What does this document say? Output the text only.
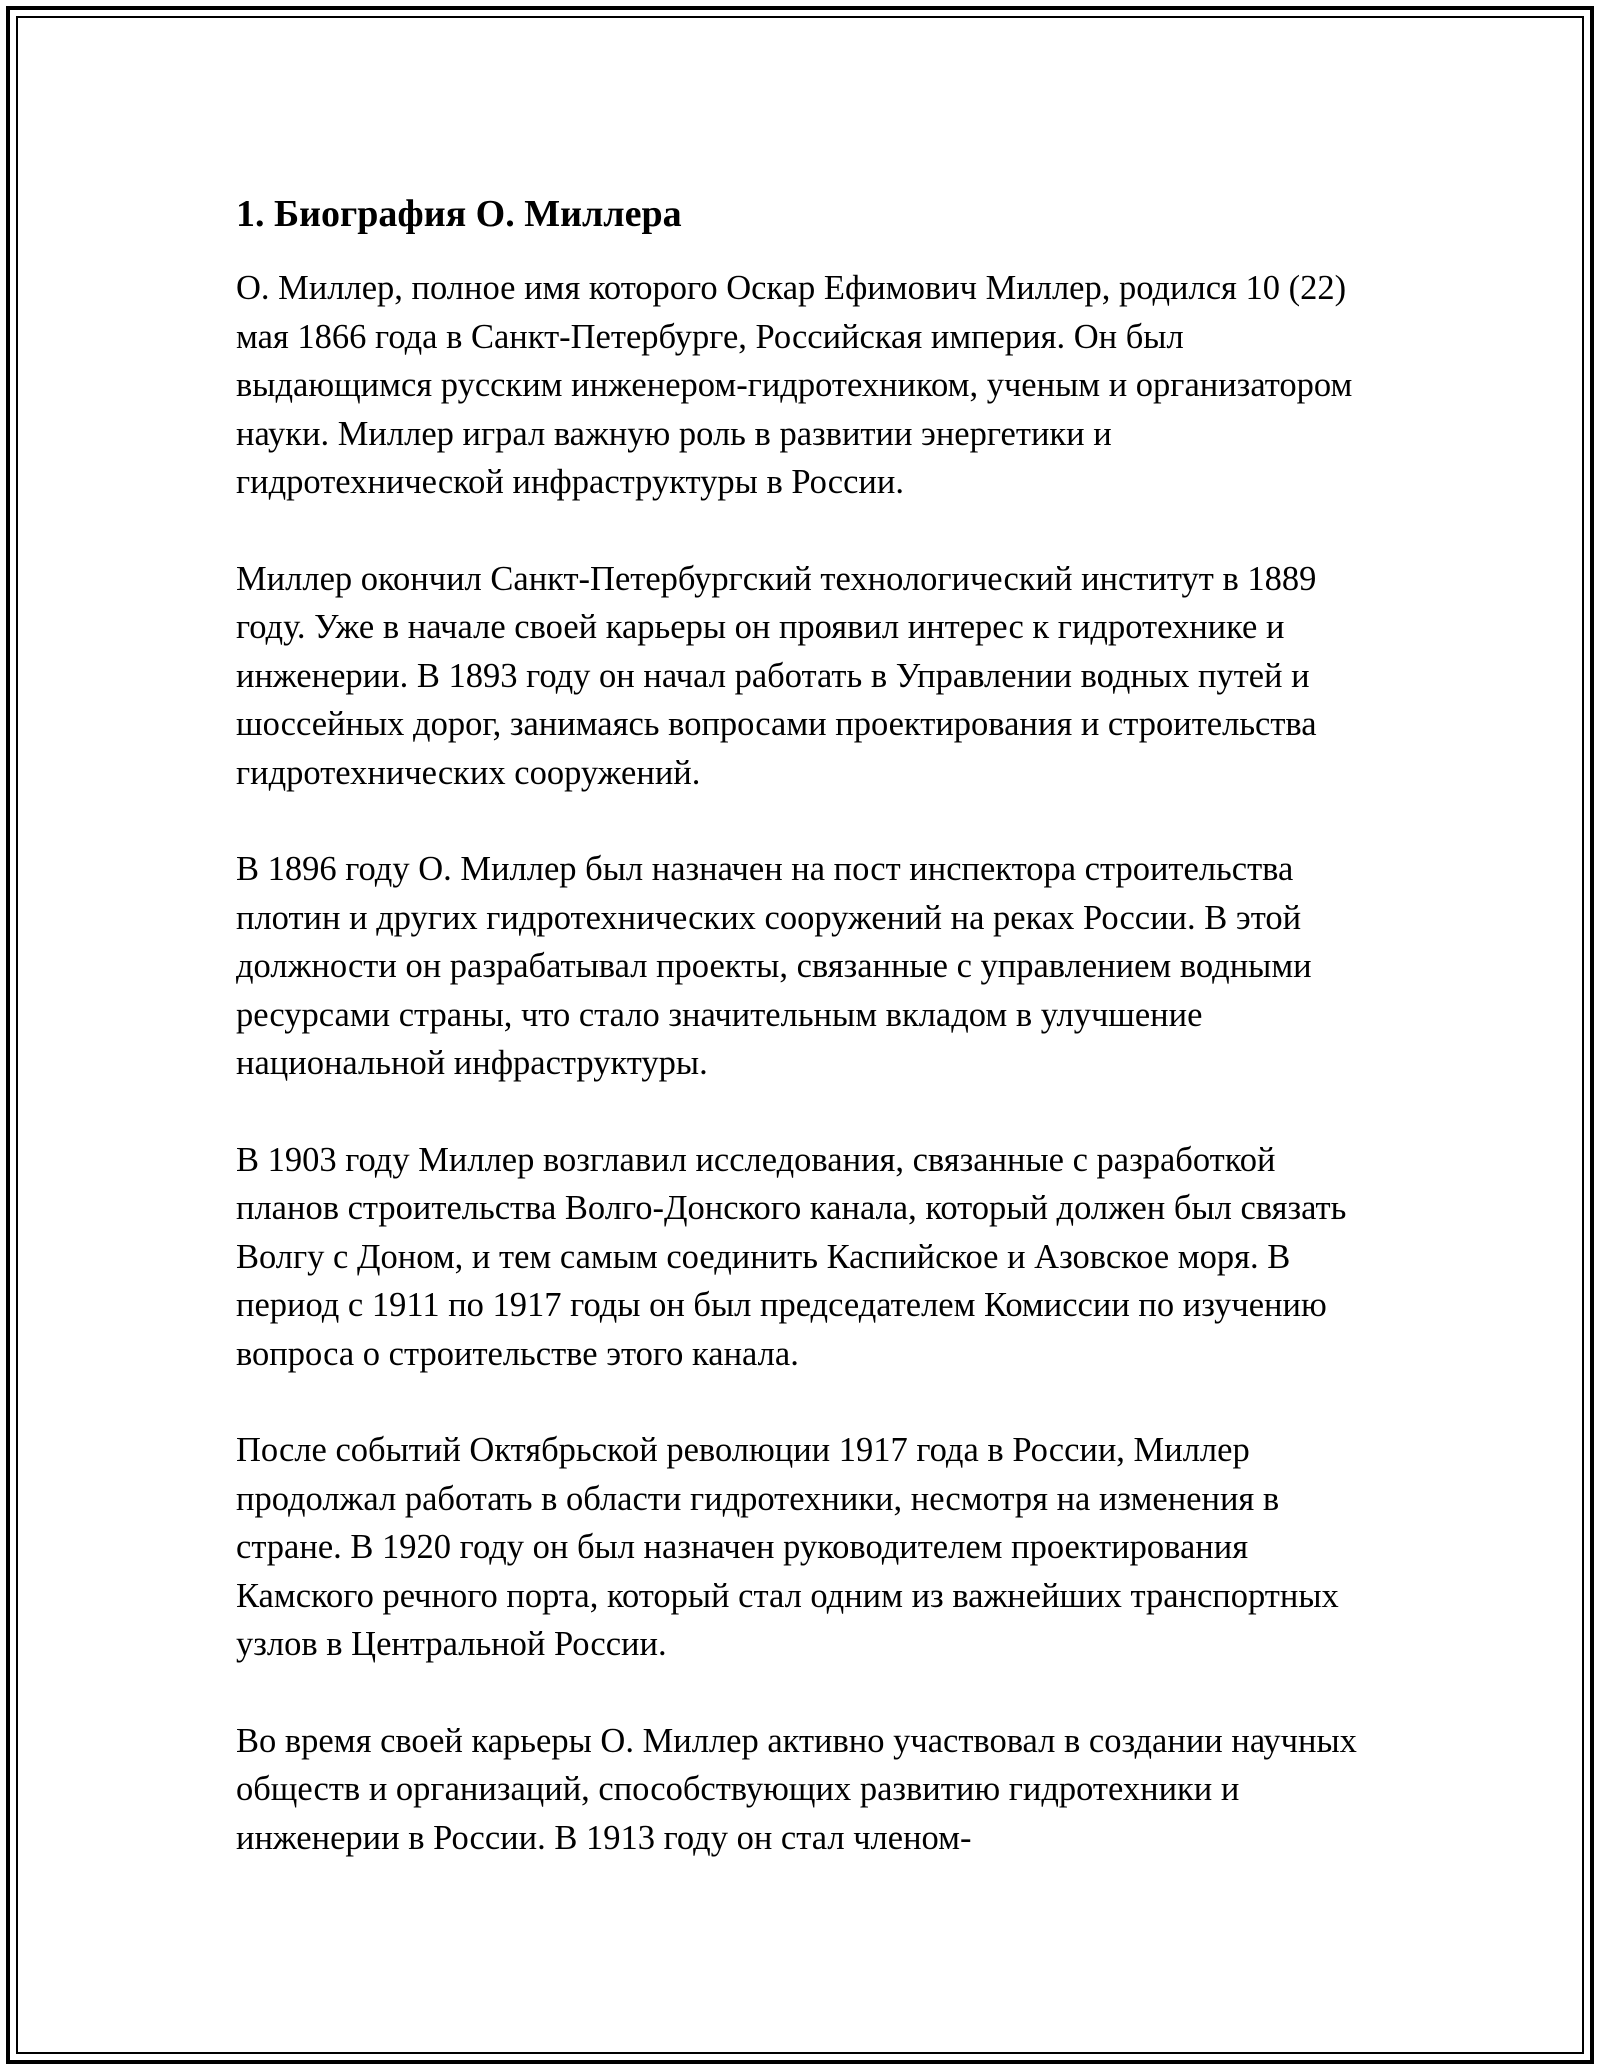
1. Биография О. Миллера

О. Миллер, полное имя которого Оскар Ефимович Миллер, родился 10 (22) мая 1866 года в Санкт-Петербурге, Российская империя. Он был выдающимся русским инженером-гидротехником, ученым и организатором науки. Миллер играл важную роль в развитии энергетики и гидротехнической инфраструктуры в России.

Миллер окончил Санкт-Петербургский технологический институт в 1889 году. Уже в начале своей карьеры он проявил интерес к гидротехнике и инженерии. В 1893 году он начал работать в Управлении водных путей и шоссейных дорог, занимаясь вопросами проектирования и строительства гидротехнических сооружений.

В 1896 году О. Миллер был назначен на пост инспектора строительства плотин и других гидротехнических сооружений на реках России. В этой должности он разрабатывал проекты, связанные с управлением водными ресурсами страны, что стало значительным вкладом в улучшение национальной инфраструктуры.

В 1903 году Миллер возглавил исследования, связанные с разработкой планов строительства Волго-Донского канала, который должен был связать Волгу с Доном, и тем самым соединить Каспийское и Азовское моря. В период с 1911 по 1917 годы он был председателем Комиссии по изучению вопроса о строительстве этого канала.

После событий Октябрьской революции 1917 года в России, Миллер продолжал работать в области гидротехники, несмотря на изменения в стране. В 1920 году он был назначен руководителем проектирования Камского речного порта, который стал одним из важнейших транспортных узлов в Центральной России.

Во время своей карьеры О. Миллер активно участвовал в создании научных обществ и организаций, способствующих развитию гидротехники и инженерии в России. В 1913 году он стал членом-
